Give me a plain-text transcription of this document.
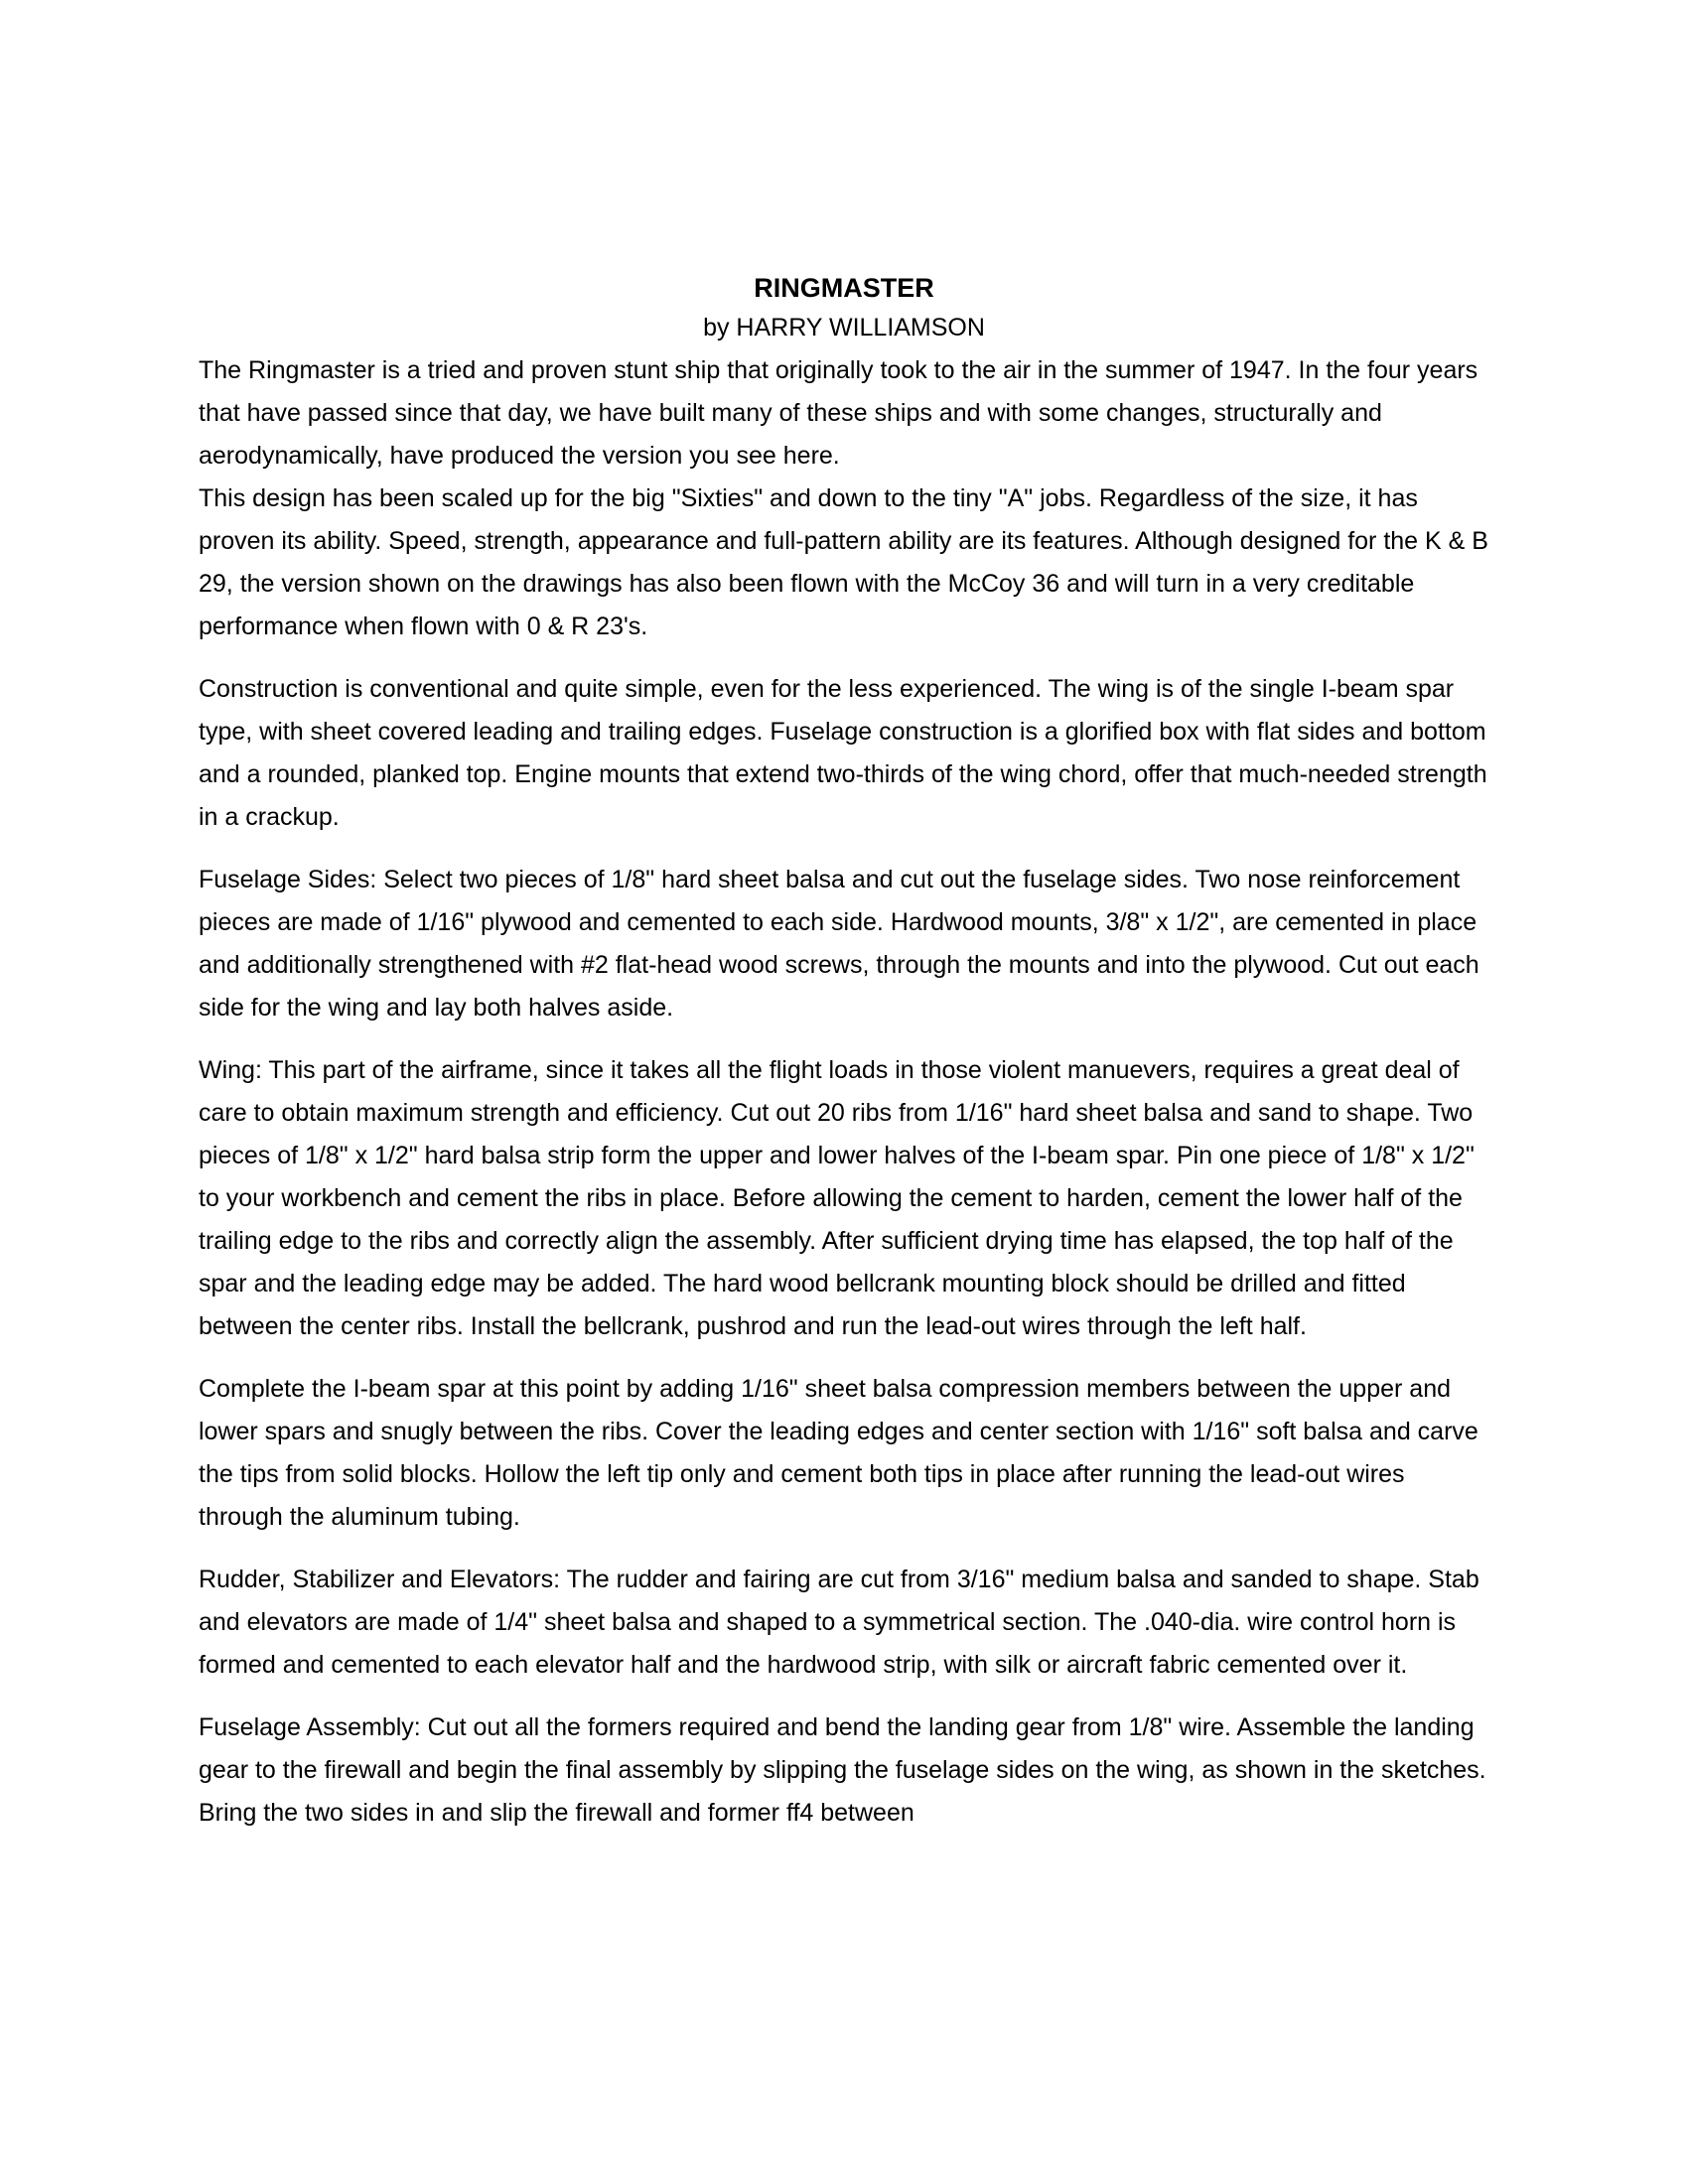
RINGMASTER

by HARRY WILLIAMSON

The Ringmaster is a tried and proven stunt ship that originally took to the air in the summer of 1947. In the four years that have passed since that day, we have built many of these ships and with some changes, structurally and aerodynamically, have produced the version you see here.

This design has been scaled up for the big "Sixties" and down to the tiny "A" jobs. Regardless of the size, it has proven its ability. Speed, strength, appearance and full-pattern ability are its features. Although designed for the K & B 29, the version shown on the drawings has also been flown with the McCoy 36 and will turn in a very creditable performance when flown with 0 & R 23's.

Construction is conventional and quite simple, even for the less experienced. The wing is of the single I-beam spar type, with sheet covered leading and trailing edges. Fuselage construction is a glorified box with flat sides and bottom and a rounded, planked top. Engine mounts that extend two-thirds of the wing chord, offer that much-needed strength in a crackup.

Fuselage Sides: Select two pieces of 1/8" hard sheet balsa and cut out the fuselage sides. Two nose reinforcement pieces are made of 1/16" plywood and cemented to each side. Hardwood mounts, 3/8" x 1/2", are cemented in place and additionally strengthened with #2 flat-head wood screws, through the mounts and into the plywood. Cut out each side for the wing and lay both halves aside.

Wing: This part of the airframe, since it takes all the flight loads in those violent manuevers, requires a great deal of care to obtain maximum strength and efficiency. Cut out 20 ribs from 1/16" hard sheet balsa and sand to shape. Two pieces of 1/8" x 1/2" hard balsa strip form the upper and lower halves of the I-beam spar. Pin one piece of 1/8" x 1/2" to your workbench and cement the ribs in place. Before allowing the cement to harden, cement the lower half of the trailing edge to the ribs and correctly align the assembly. After sufficient drying time has elapsed, the top half of the spar and the leading edge may be added. The hard wood bellcrank mounting block should be drilled and fitted between the center ribs. Install the bellcrank, pushrod and run the lead-out wires through the left half.

Complete the I-beam spar at this point by adding 1/16" sheet balsa compression members between the upper and lower spars and snugly between the ribs. Cover the leading edges and center section with 1/16" soft balsa and carve the tips from solid blocks. Hollow the left tip only and cement both tips in place after running the lead-out wires through the aluminum tubing.

Rudder, Stabilizer and Elevators: The rudder and fairing are cut from 3/16" medium balsa and sanded to shape. Stab and elevators are made of 1/4" sheet balsa and shaped to a symmetrical section. The .040-dia. wire control horn is formed and cemented to each elevator half and the hardwood strip, with silk or aircraft fabric cemented over it.

Fuselage Assembly: Cut out all the formers required and bend the landing gear from 1/8" wire. Assemble the landing gear to the firewall and begin the final assembly by slipping the fuselage sides on the wing, as shown in the sketches. Bring the two sides in and slip the firewall and former ff4 between
